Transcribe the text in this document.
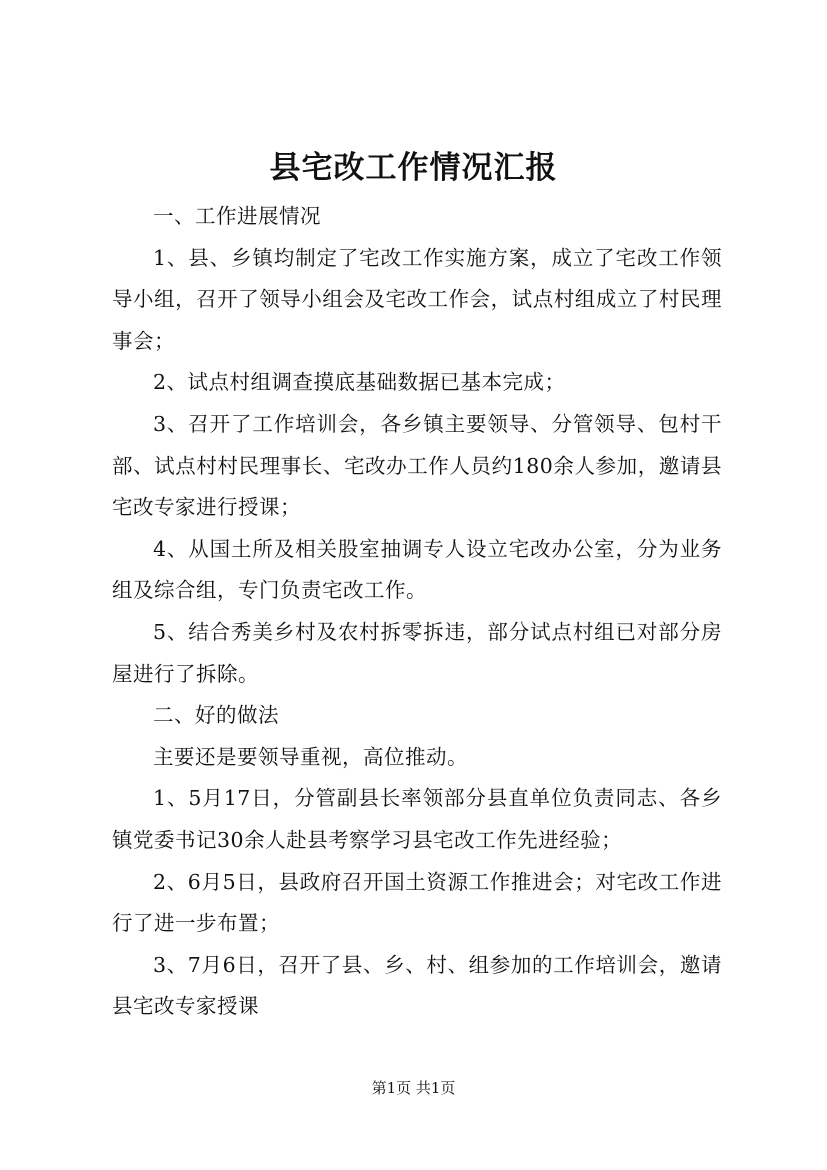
县宅改工作情况汇报

一、工作进展情况

1、县、乡镇均制定了宅改工作实施方案，成立了宅改工作领导小组，召开了领导小组会及宅改工作会，试点村组成立了村民理事会；

2、试点村组调查摸底基础数据已基本完成；

3、召开了工作培训会，各乡镇主要领导、分管领导、包村干部、试点村村民理事长、宅改办工作人员约180余人参加，邀请县宅改专家进行授课；

4、从国土所及相关股室抽调专人设立宅改办公室，分为业务组及综合组，专门负责宅改工作。

5、结合秀美乡村及农村拆零拆违，部分试点村组已对部分房屋进行了拆除。

二、好的做法

主要还是要领导重视，高位推动。

1、5月17日，分管副县长率领部分县直单位负责同志、各乡镇党委书记30余人赴县考察学习县宅改工作先进经验；

2、6月5日，县政府召开国土资源工作推进会；对宅改工作进行了进一步布置；

3、7月6日，召开了县、乡、村、组参加的工作培训会，邀请县宅改专家授课

第1页 共1页
